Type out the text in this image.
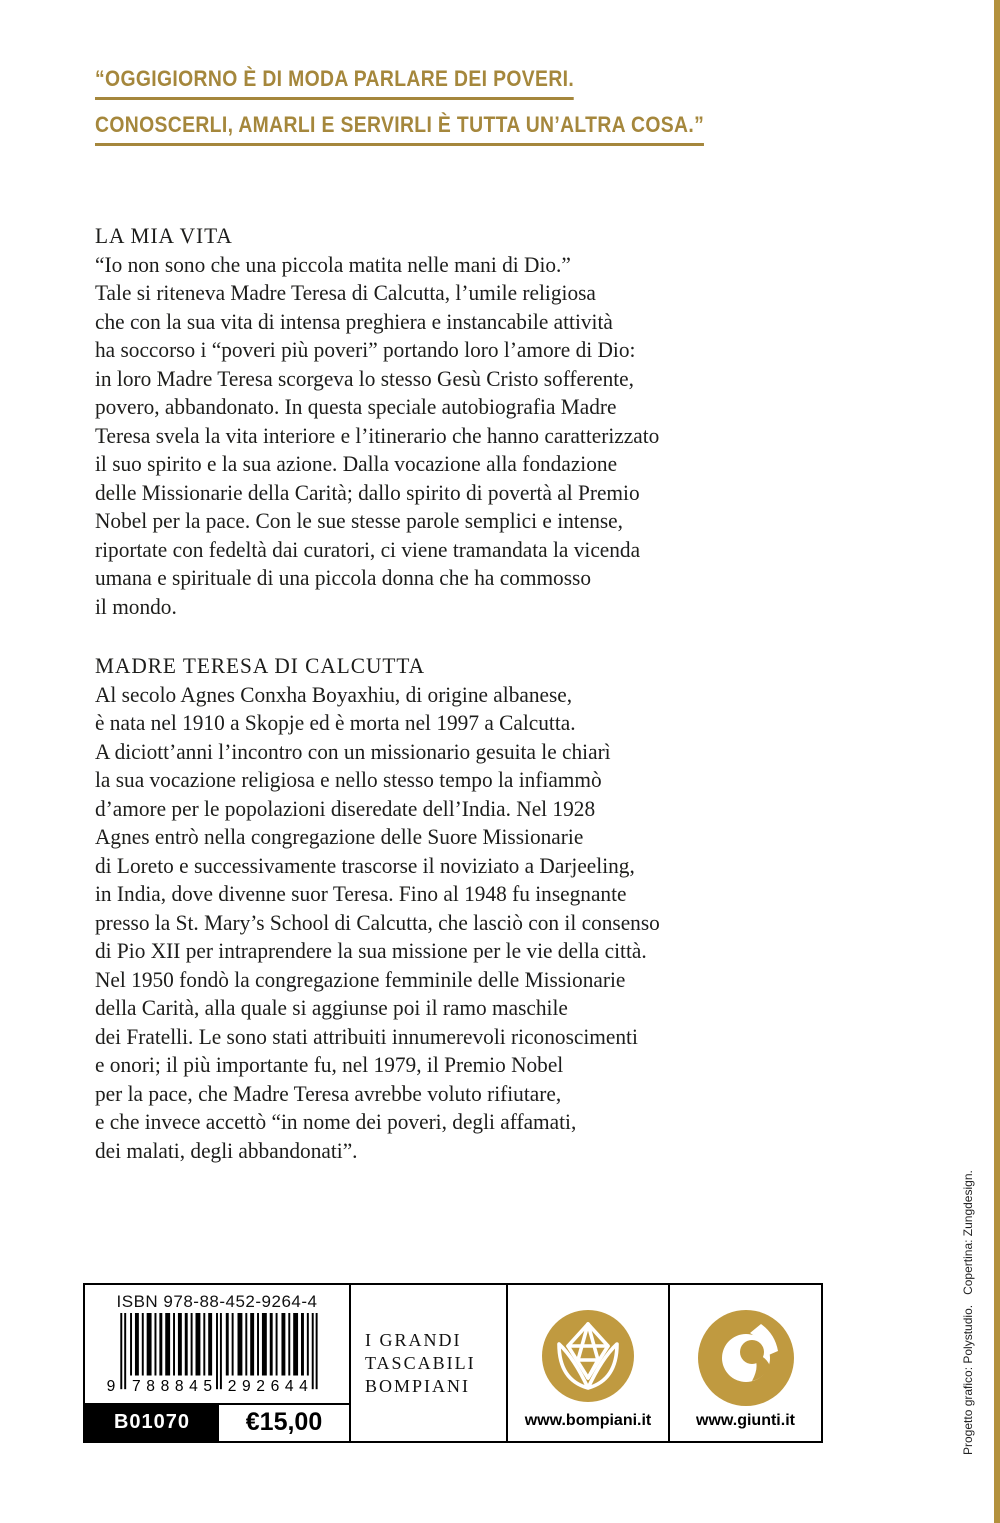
“OGGIGIORNO È DI MODA PARLARE DEI POVERI.
CONOSCERLI, AMARLI E SERVIRLI È TUTTA UN’ALTRA COSA.”
LA MIA VITA
“Io non sono che una piccola matita nelle mani di Dio.”
Tale si riteneva Madre Teresa di Calcutta, l’umile religiosa
che con la sua vita di intensa preghiera e instancabile attività
ha soccorso i “poveri più poveri” portando loro l’amore di Dio:
in loro Madre Teresa scorgeva lo stesso Gesù Cristo sofferente,
povero, abbandonato. In questa speciale autobiografia Madre
Teresa svela la vita interiore e l’itinerario che hanno caratterizzato
il suo spirito e la sua azione. Dalla vocazione alla fondazione
delle Missionarie della Carità; dallo spirito di povertà al Premio
Nobel per la pace. Con le sue stesse parole semplici e intense,
riportate con fedeltà dai curatori, ci viene tramandata la vicenda
umana e spirituale di una piccola donna che ha commosso
il mondo.
MADRE TERESA DI CALCUTTA
Al secolo Agnes Conxha Boyaxhiu, di origine albanese,
è nata nel 1910 a Skopje ed è morta nel 1997 a Calcutta.
A diciott’anni l’incontro con un missionario gesuita le chiarì
la sua vocazione religiosa e nello stesso tempo la infiammò
d’amore per le popolazioni diseredate dell’India. Nel 1928
Agnes entrò nella congregazione delle Suore Missionarie
di Loreto e successivamente trascorse il noviziato a Darjeeling,
in India, dove divenne suor Teresa. Fino al 1948 fu insegnante
presso la St. Mary’s School di Calcutta, che lasciò con il consenso
di Pio XII per intraprendere la sua missione per le vie della città.
Nel 1950 fondò la congregazione femminile delle Missionarie
della Carità, alla quale si aggiunse poi il ramo maschile
dei Fratelli. Le sono stati attribuiti innumerevoli riconoscimenti
e onori; il più importante fu, nel 1979, il Premio Nobel
per la pace, che Madre Teresa avrebbe voluto rifiutare,
e che invece accettò “in nome dei poveri, degli affamati,
dei malati, degli abbandonati”.
ISBN 978-88-452-9264-4
9 788845 292644
B01070	€15,00
I GRANDI
TASCABILI
BOMPIANI
www.bompiani.it	www.giunti.it	Progetto grafico: Polystudio.   Copertina: Zungdesign.
